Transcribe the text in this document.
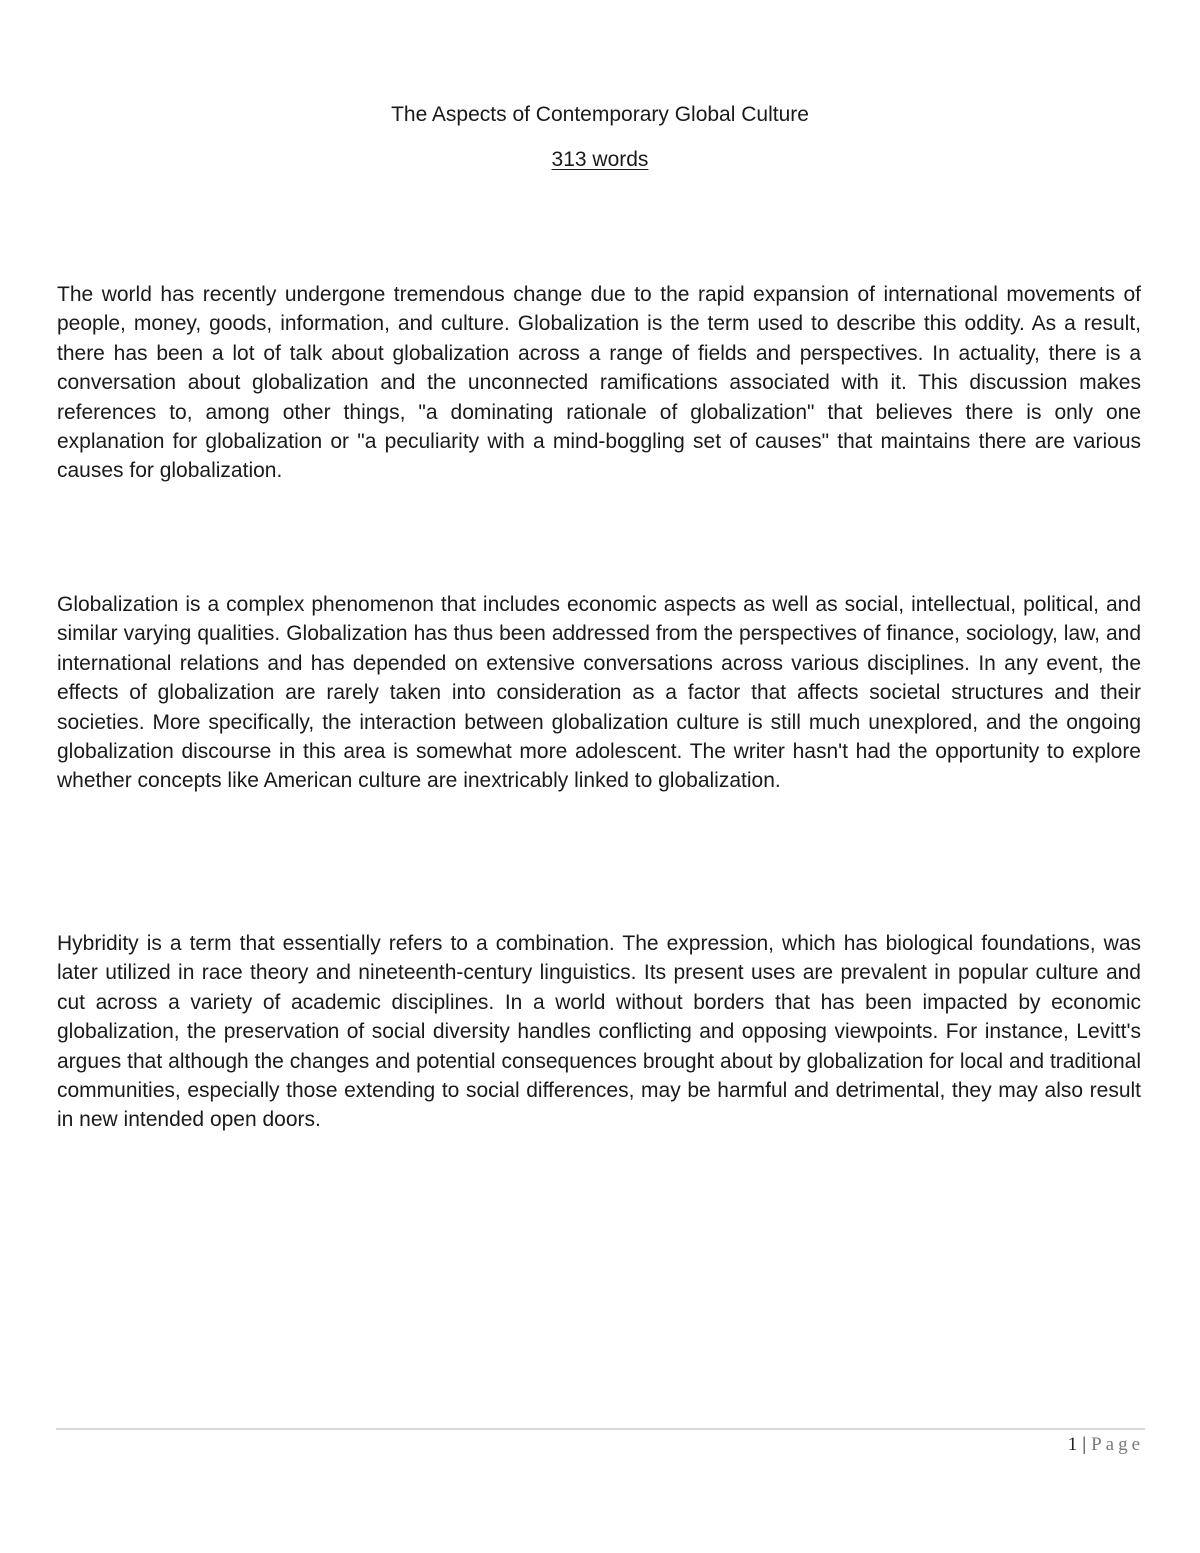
The Aspects of Contemporary Global Culture
313 words

The world has recently undergone tremendous change due to the rapid expansion of international movements of people, money, goods, information, and culture. Globalization is the term used to describe this oddity. As a result, there has been a lot of talk about globalization across a range of fields and perspectives. In actuality, there is a conversation about globalization and the unconnected ramifications associated with it. This discussion makes references to, among other things, "a dominating rationale of globalization" that believes there is only one explanation for globalization or "a peculiarity with a mind-boggling set of causes" that maintains there are various causes for globalization.

Globalization is a complex phenomenon that includes economic aspects as well as social, intellectual, political, and similar varying qualities. Globalization has thus been addressed from the perspectives of finance, sociology, law, and international relations and has depended on extensive conversations across various disciplines. In any event, the effects of globalization are rarely taken into consideration as a factor that affects societal structures and their societies. More specifically, the interaction between globalization culture is still much unexplored, and the ongoing globalization discourse in this area is somewhat more adolescent. The writer hasn't had the opportunity to explore whether concepts like American culture are inextricably linked to globalization.

Hybridity is a term that essentially refers to a combination. The expression, which has biological foundations, was later utilized in race theory and nineteenth-century linguistics. Its present uses are prevalent in popular culture and cut across a variety of academic disciplines. In a world without borders that has been impacted by economic globalization, the preservation of social diversity handles conflicting and opposing viewpoints. For instance, Levitt's argues that although the changes and potential consequences brought about by globalization for local and traditional communities, especially those extending to social differences, may be harmful and detrimental, they may also result in new intended open doors.

1 | Page
